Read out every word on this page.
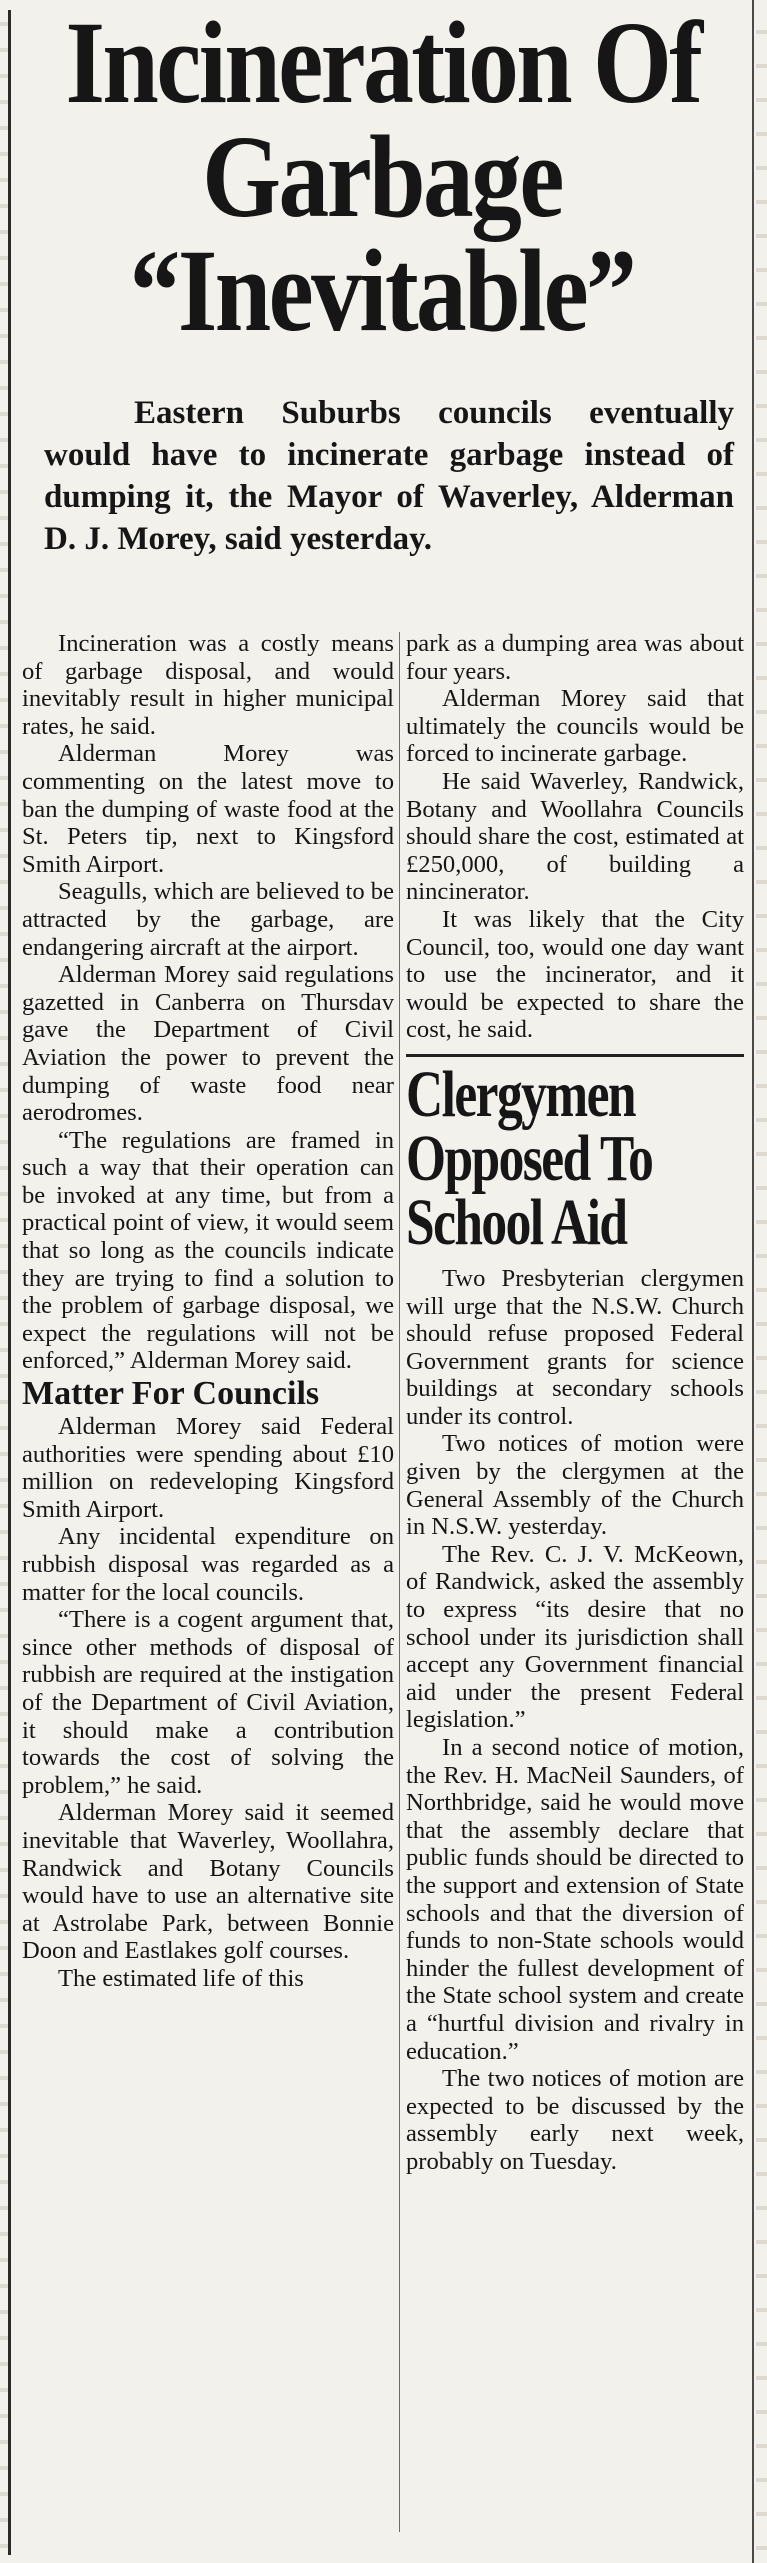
Incineration Of
Garbage
“Inevitable”
Eastern Suburbs councils eventually would have to incinerate garbage instead of dumping it, the Mayor of Waverley, Alderman D. J. Morey, said yesterday.

Incineration was a costly means of garbage disposal, and would inevitably result in higher municipal rates, he said.

Alderman Morey was commenting on the latest move to ban the dumping of waste food at the St. Peters tip, next to Kingsford Smith Airport.

Seagulls, which are believed to be attracted by the garbage, are endangering aircraft at the airport.

Alderman Morey said regulations gazetted in Canberra on Thursdav gave the Department of Civil Aviation the power to prevent the dumping of waste food near aerodromes.

“The regulations are framed in such a way that their operation can be invoked at any time, but from a practical point of view, it would seem that so long as the councils indicate they are trying to find a solution to the problem of garbage disposal, we expect the regulations will not be enforced,” Alderman Morey said.

Matter For Councils

Alderman Morey said Federal authorities were spending about £10 million on redeveloping Kingsford Smith Airport.

Any incidental expenditure on rubbish disposal was regarded as a matter for the local councils.

“There is a cogent argument that, since other methods of disposal of rubbish are required at the instigation of the Department of Civil Aviation, it should make a contribution towards the cost of solving the problem,” he said.

Alderman Morey said it seemed inevitable that Waverley, Woollahra, Randwick and Botany Councils would have to use an alternative site at Astrolabe Park, between Bonnie Doon and Eastlakes golf courses.

The estimated life of this

park as a dumping area was about four years.

Alderman Morey said that ultimately the councils would be forced to incinerate garbage.

He said Waverley, Randwick, Botany and Woollahra Councils should share the cost, estimated at £250,000, of building a nincinerator.

It was likely that the City Council, too, would one day want to use the incinerator, and it would be expected to share the cost, he said.

Clergymen
Opposed To
School Aid

Two Presbyterian clergymen will urge that the N.S.W. Church should refuse proposed Federal Government grants for science buildings at secondary schools under its control.

Two notices of motion were given by the clergymen at the General Assembly of the Church in N.S.W. yesterday.

The Rev. C. J. V. McKeown, of Randwick, asked the assembly to express “its desire that no school under its jurisdiction shall accept any Government financial aid under the present Federal legislation.”

In a second notice of motion, the Rev. H. MacNeil Saunders, of Northbridge, said he would move that the assembly declare that public funds should be directed to the support and extension of State schools and that the diversion of funds to non-State schools would hinder the fullest development of the State school system and create a “hurtful division and rivalry in education.”

The two notices of motion are expected to be discussed by the assembly early next week, probably on Tuesday.
